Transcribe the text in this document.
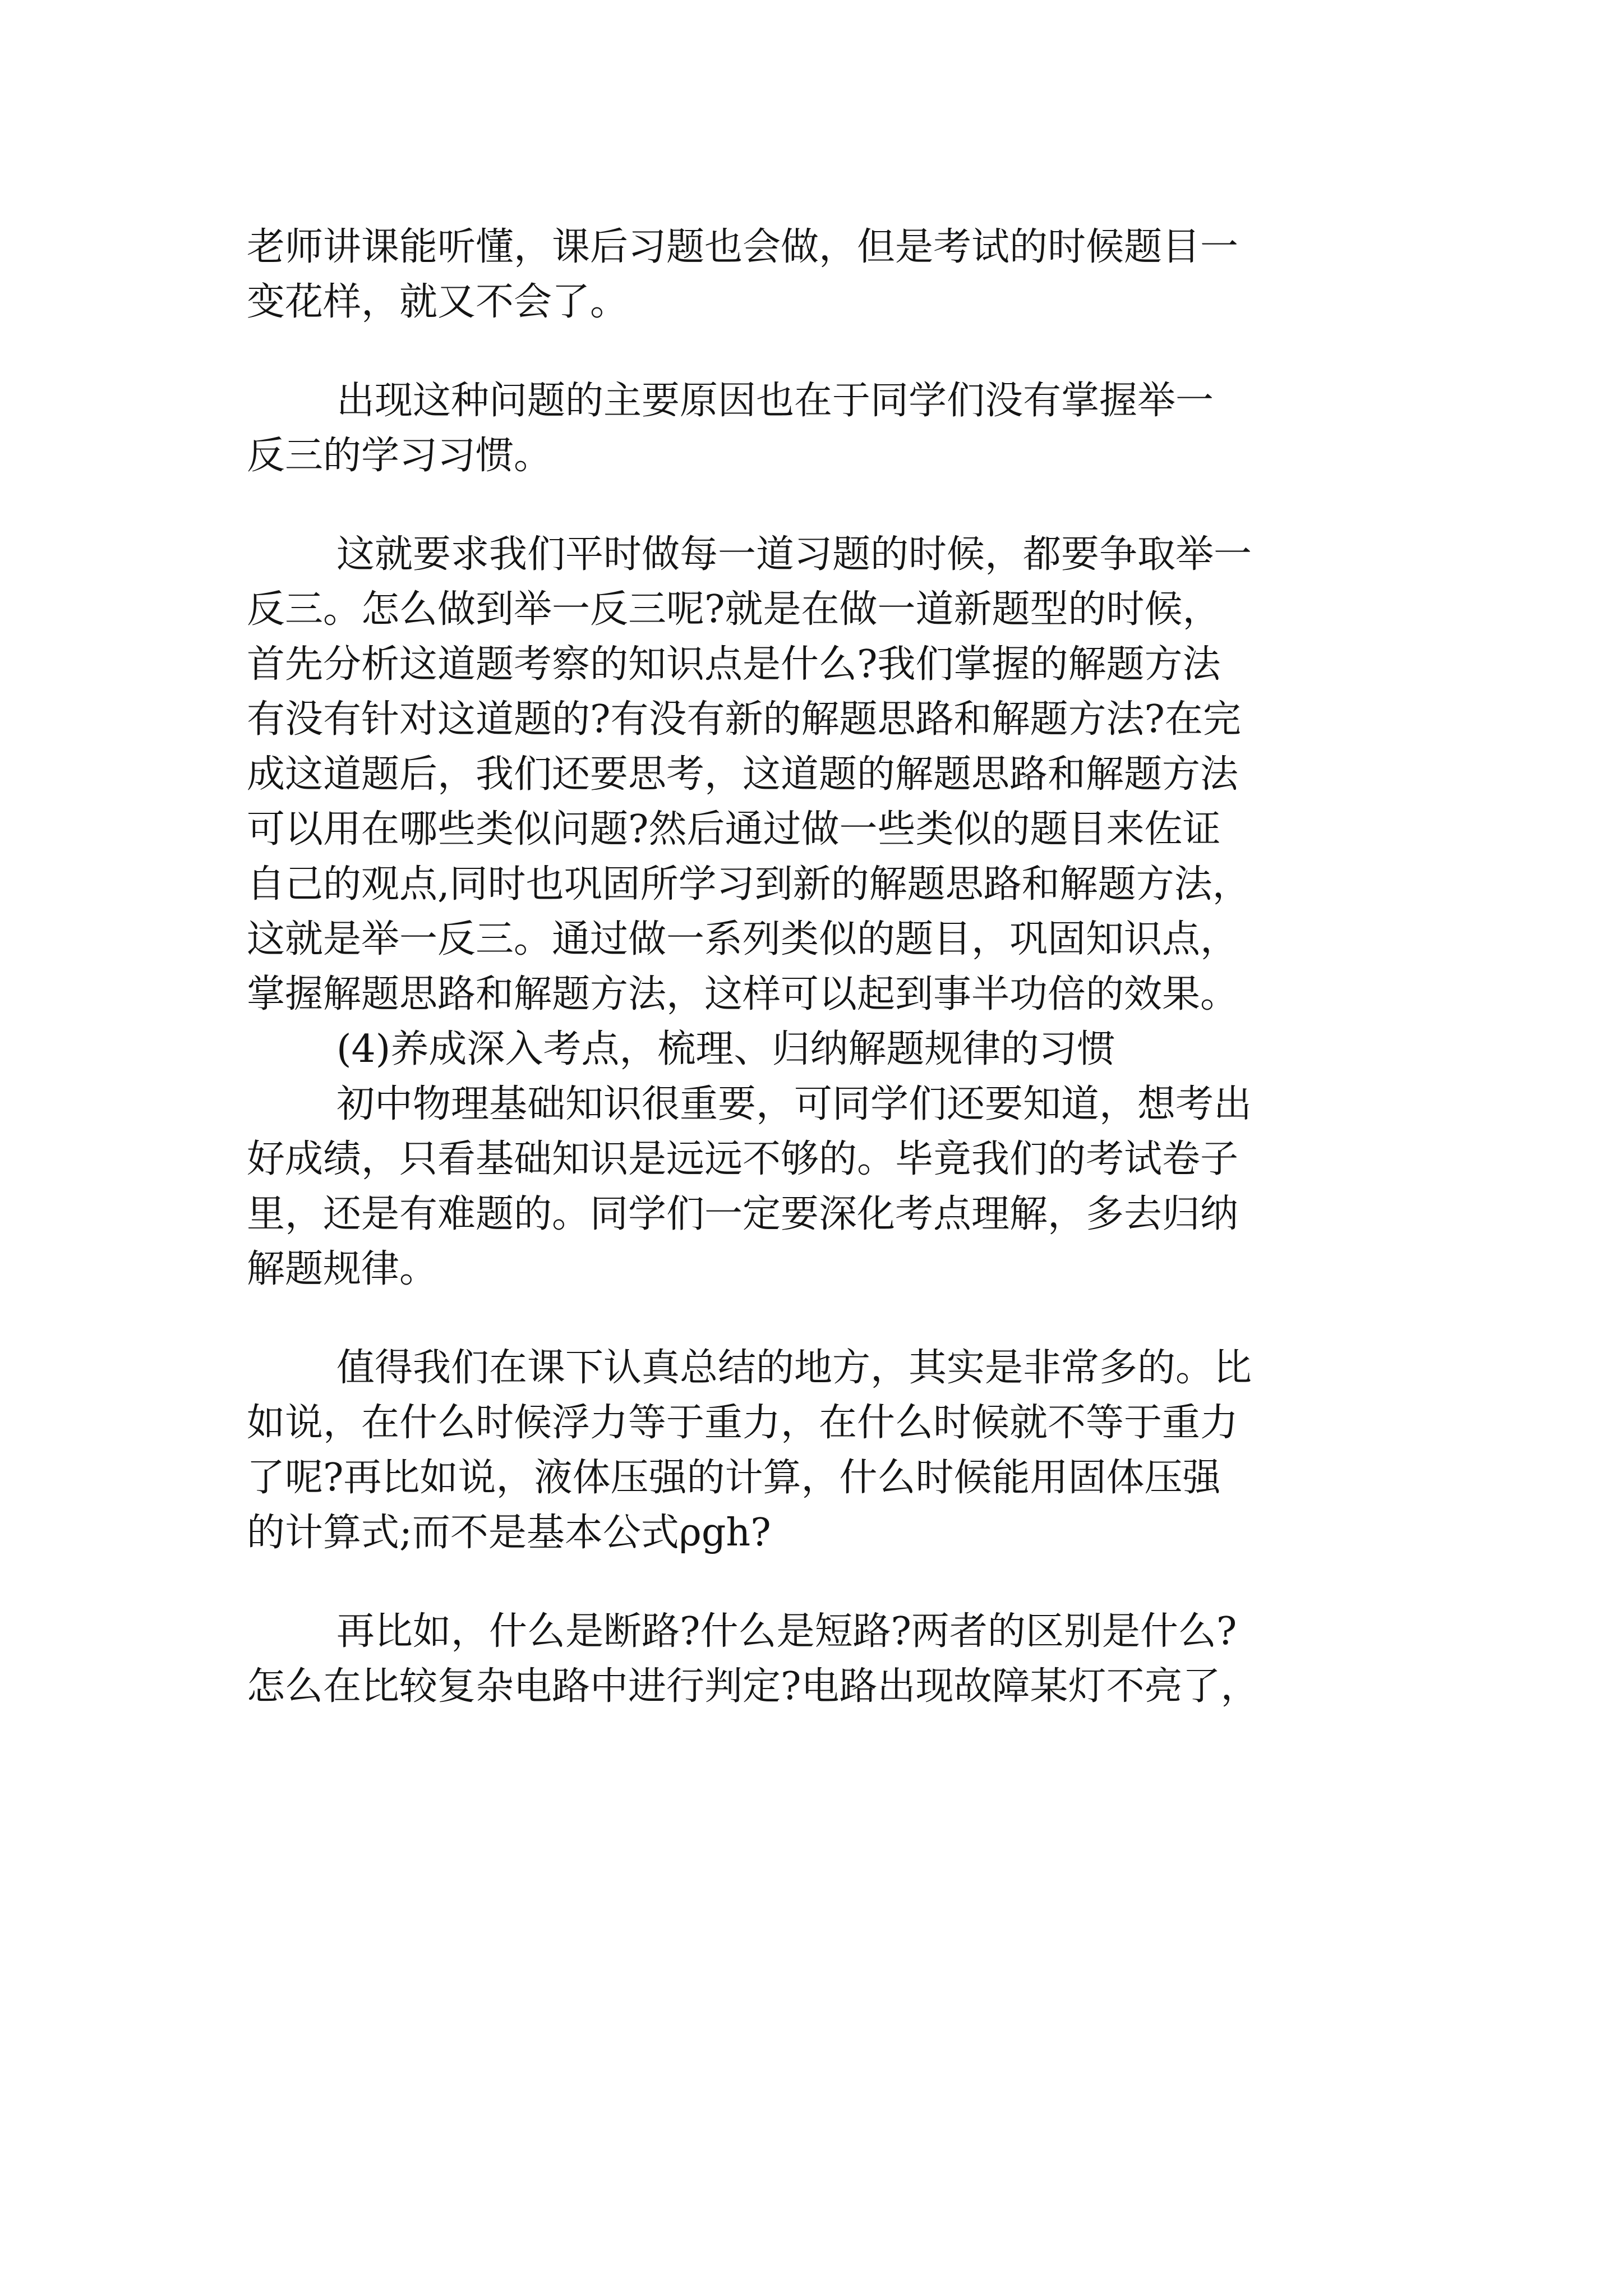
老师讲课能听懂，课后习题也会做，但是考试的时候题目一
变花样，就又不会了。
出现这种问题的主要原因也在于同学们没有掌握举一
反三的学习习惯。
这就要求我们平时做每一道习题的时候，都要争取举一
反三。怎么做到举一反三呢?就是在做一道新题型的时候，
首先分析这道题考察的知识点是什么?我们掌握的解题方法
有没有针对这道题的?有没有新的解题思路和解题方法?在完
成这道题后，我们还要思考，这道题的解题思路和解题方法
可以用在哪些类似问题?然后通过做一些类似的题目来佐证
自己的观点,同时也巩固所学习到新的解题思路和解题方法，
这就是举一反三。通过做一系列类似的题目，巩固知识点，
掌握解题思路和解题方法，这样可以起到事半功倍的效果。
(4)养成深入考点，梳理、归纳解题规律的习惯
初中物理基础知识很重要，可同学们还要知道，想考出
好成绩，只看基础知识是远远不够的。毕竟我们的考试卷子
里，还是有难题的。同学们一定要深化考点理解，多去归纳
解题规律。
值得我们在课下认真总结的地方，其实是非常多的。比
如说，在什么时候浮力等于重力，在什么时候就不等于重力
了呢?再比如说，液体压强的计算，什么时候能用固体压强
的计算式;而不是基本公式ρgh?
再比如，什么是断路?什么是短路?两者的区别是什么?
怎么在比较复杂电路中进行判定?电路出现故障某灯不亮了，
